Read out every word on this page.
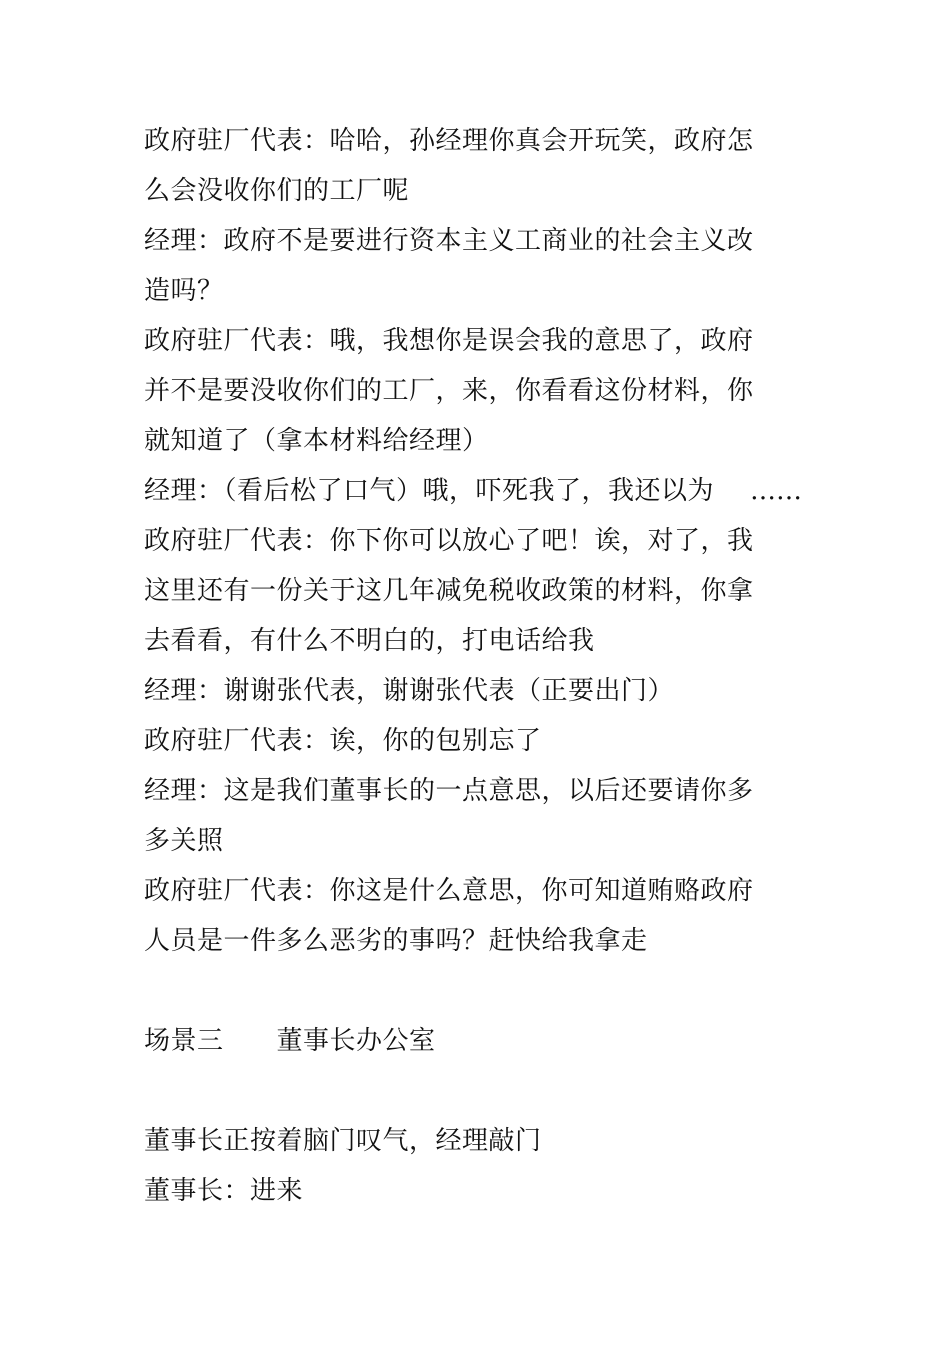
政府驻厂代表：哈哈，孙经理你真会开玩笑，政府怎
么会没收你们的工厂呢
经理：政府不是要进行资本主义工商业的社会主义改
造吗？
政府驻厂代表：哦，我想你是误会我的意思了，政府
并不是要没收你们的工厂，来，你看看这份材料，你
就知道了（拿本材料给经理）
经理：（看后松了口气）哦，吓死我了，我还以为 ……
政府驻厂代表：你下你可以放心了吧！诶，对了，我
这里还有一份关于这几年减免税收政策的材料，你拿
去看看，有什么不明白的，打电话给我
经理：谢谢张代表，谢谢张代表（正要出门）
政府驻厂代表：诶，你的包别忘了
经理：这是我们董事长的一点意思，以后还要请你多
多关照
政府驻厂代表：你这是什么意思，你可知道贿赂政府
人员是一件多么恶劣的事吗？赶快给我拿走
场景三　　董事长办公室
董事长正按着脑门叹气，经理敲门
董事长：进来
